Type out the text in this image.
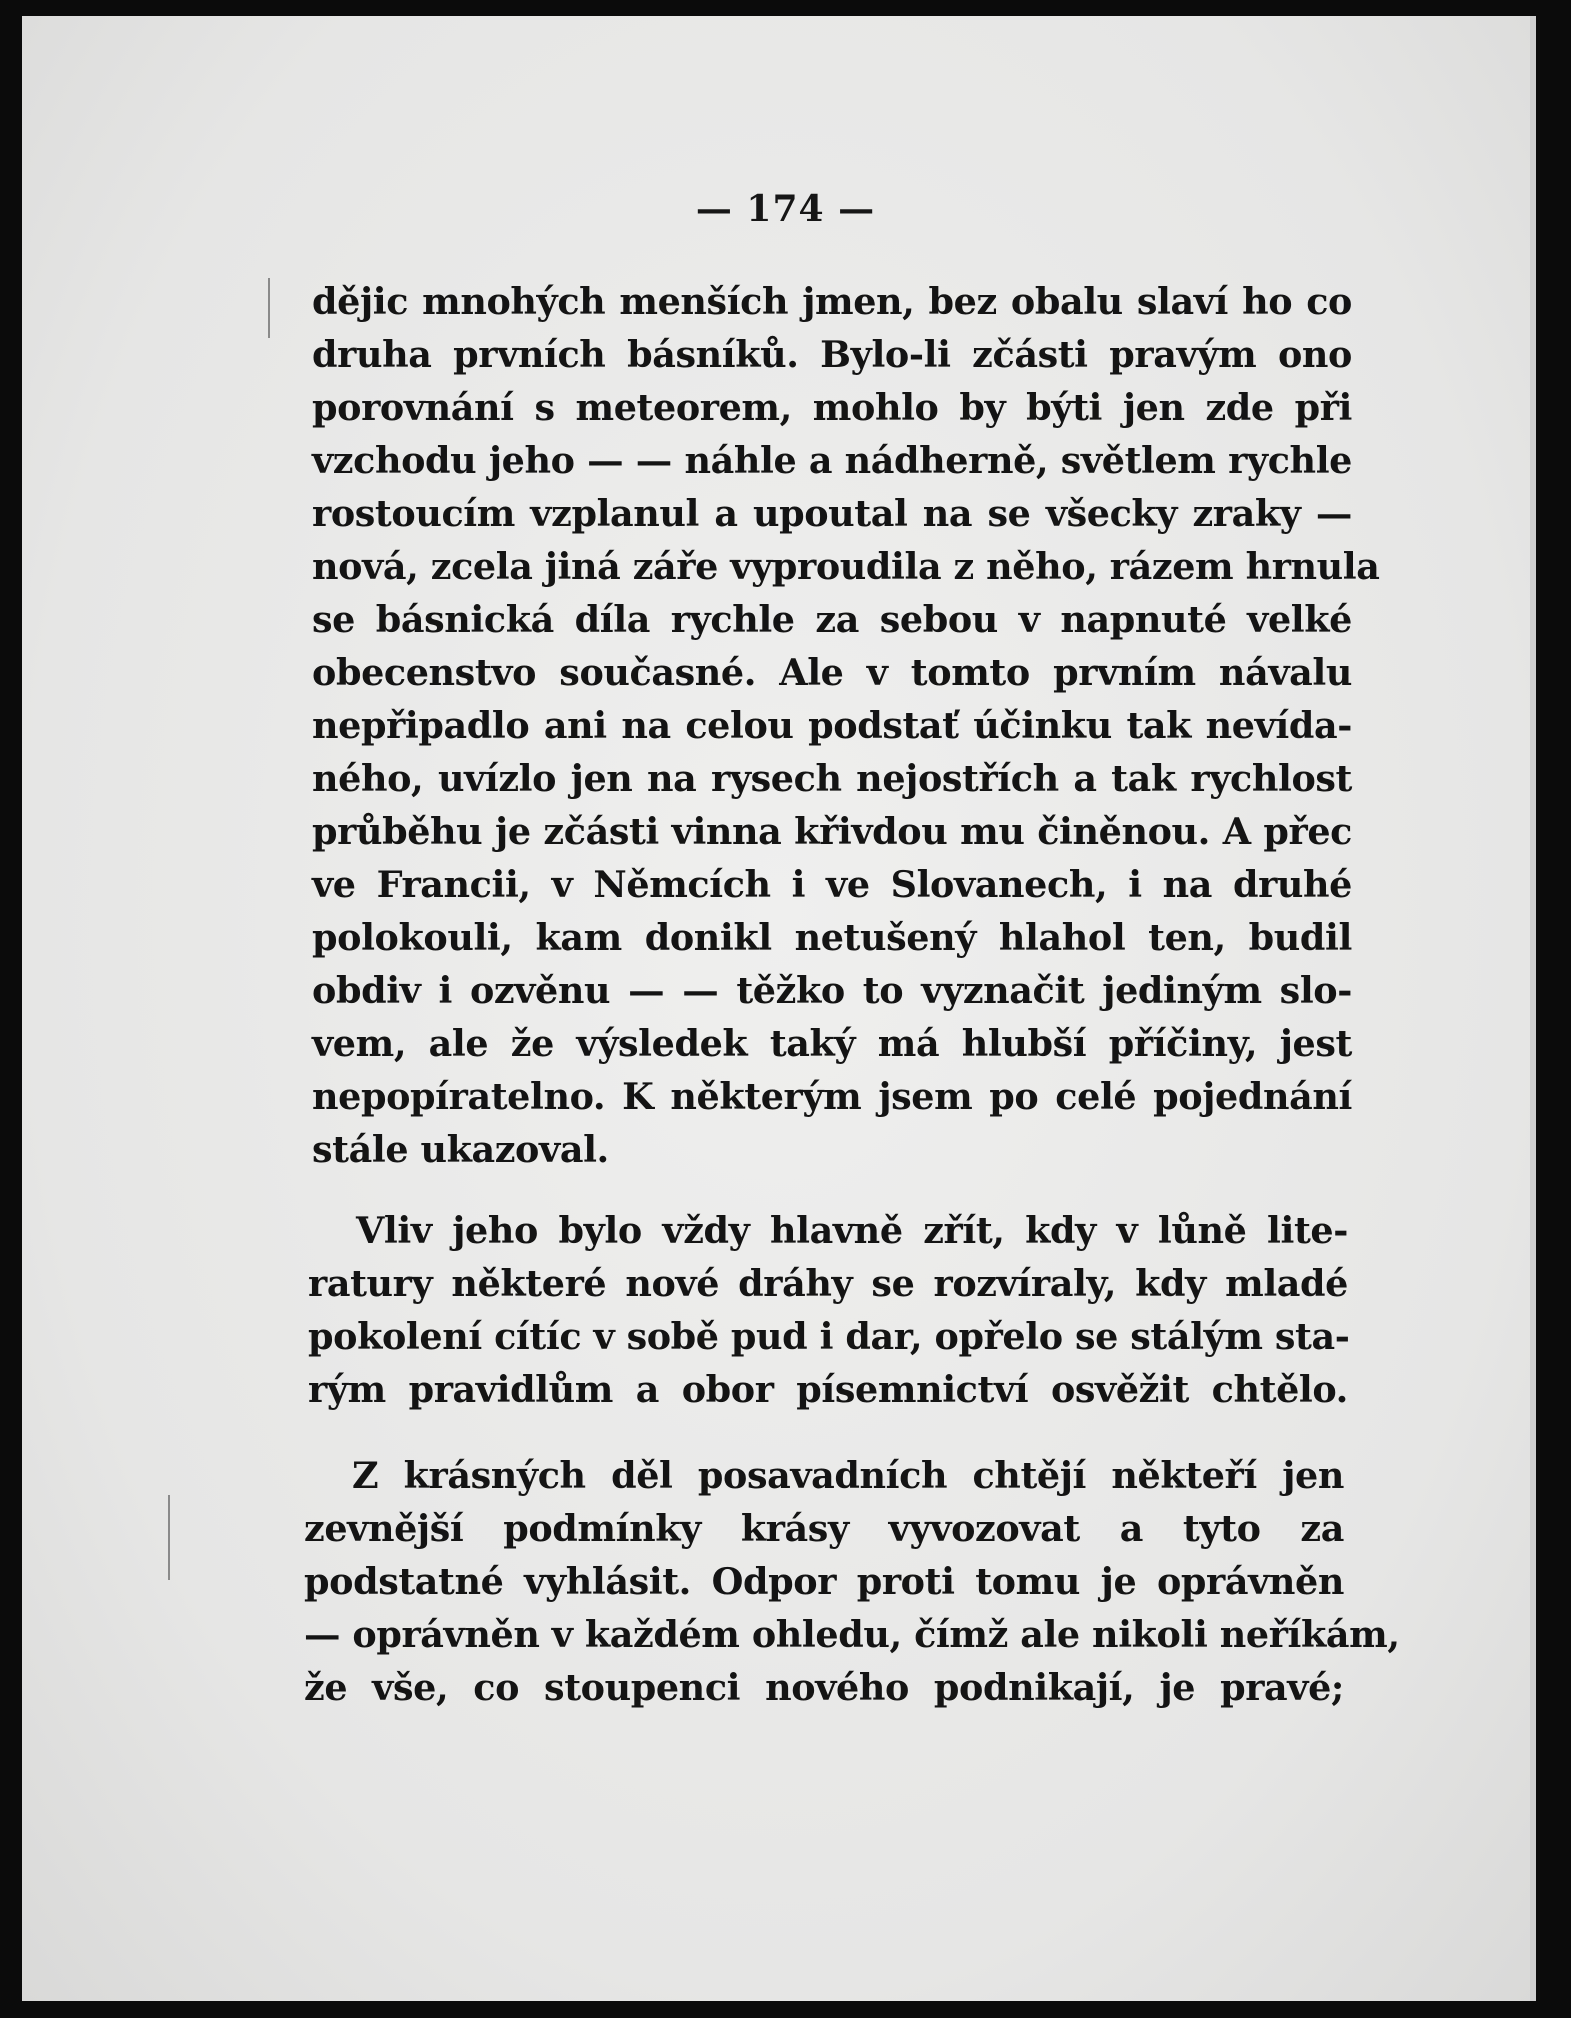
— 174 —
dějic mnohých menších jmen, bez obalu slaví ho co
druha prvních básníků. Bylo-li zčásti pravým ono
porovnání s meteorem, mohlo by býti jen zde při
vzchodu jeho — — náhle a nádherně, světlem rychle
rostoucím vzplanul a upoutal na se všecky zraky —
nová, zcela jiná záře vyproudila z něho, rázem hrnula
se básnická díla rychle za sebou v napnuté velké
obecenstvo současné. Ale v tomto prvním návalu
nepřipadlo ani na celou podstať účinku tak nevída-
ného, uvízlo jen na rysech nejostřích a tak rychlost
průběhu je zčásti vinna křivdou mu činěnou. A přec
ve Francii, v Němcích i ve Slovanech, i na druhé
polokouli, kam donikl netušený hlahol ten, budil
obdiv i ozvěnu — — těžko to vyznačit jediným slo-
vem, ale že výsledek taký má hlubší příčiny, jest
nepopíratelno. K některým jsem po celé pojednání
stále ukazoval.
Vliv jeho bylo vždy hlavně zřít, kdy v lůně lite-
ratury některé nové dráhy se rozvíraly, kdy mladé
pokolení cítíc v sobě pud i dar, opřelo se stálým sta-
rým pravidlům a obor písemnictví osvěžit chtělo.
Z krásných děl posavadních chtějí někteří jen
zevnější podmínky krásy vyvozovat a tyto za
podstatné vyhlásit. Odpor proti tomu je oprávněn
— oprávněn v každém ohledu, čímž ale nikoli neříkám,
že vše, co stoupenci nového podnikají, je pravé;
